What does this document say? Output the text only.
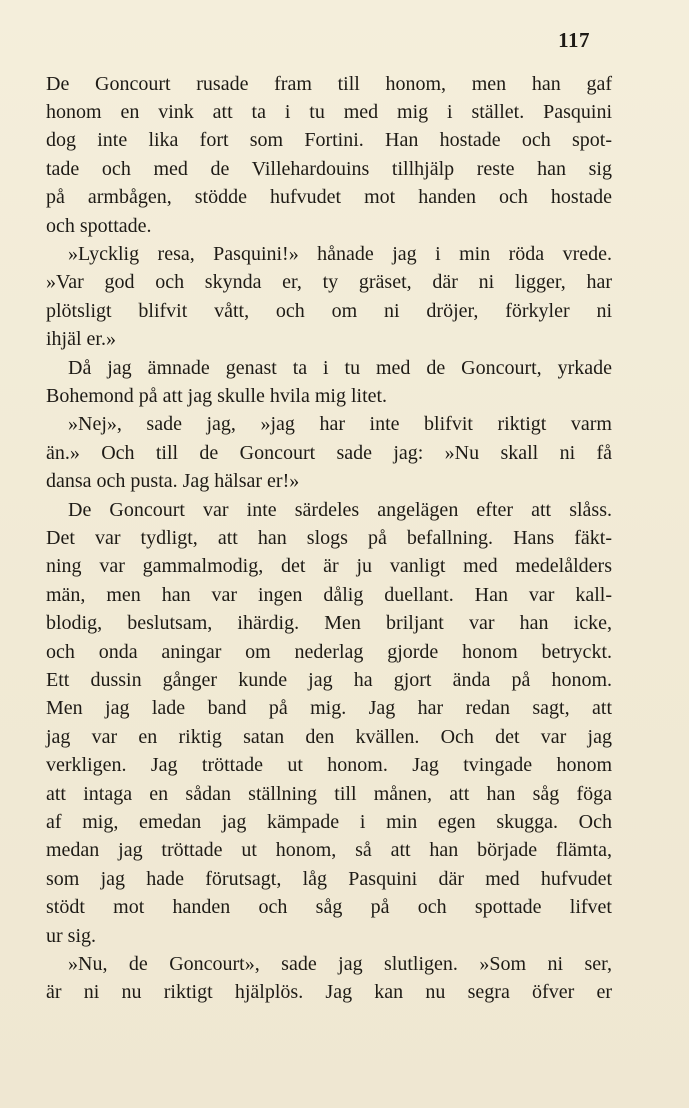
117
De Goncourt rusade fram till honom, men han gaf
honom en vink att ta i tu med mig i stället. Pasquini
dog inte lika fort som Fortini. Han hostade och spot-
tade och med de Villehardouins tillhjälp reste han sig
på armbågen, stödde hufvudet mot handen och hostade
och spottade.
»Lycklig resa, Pasquini!» hånade jag i min röda vrede.
»Var god och skynda er, ty gräset, där ni ligger, har
plötsligt blifvit vått, och om ni dröjer, förkyler ni
ihjäl er.»
Då jag ämnade genast ta i tu med de Goncourt, yrkade
Bohemond på att jag skulle hvila mig litet.
»Nej», sade jag, »jag har inte blifvit riktigt varm
än.» Och till de Goncourt sade jag: »Nu skall ni få
dansa och pusta. Jag hälsar er!»
De Goncourt var inte särdeles angelägen efter att slåss.
Det var tydligt, att han slogs på befallning. Hans fäkt-
ning var gammalmodig, det är ju vanligt med medelålders
män, men han var ingen dålig duellant. Han var kall-
blodig, beslutsam, ihärdig. Men briljant var han icke,
och onda aningar om nederlag gjorde honom betryckt.
Ett dussin gånger kunde jag ha gjort ända på honom.
Men jag lade band på mig. Jag har redan sagt, att
jag var en riktig satan den kvällen. Och det var jag
verkligen. Jag tröttade ut honom. Jag tvingade honom
att intaga en sådan ställning till månen, att han såg föga
af mig, emedan jag kämpade i min egen skugga. Och
medan jag tröttade ut honom, så att han började flämta,
som jag hade förutsagt, låg Pasquini där med hufvudet
stödt mot handen och såg på och spottade lifvet
ur sig.
»Nu, de Goncourt», sade jag slutligen. »Som ni ser,
är ni nu riktigt hjälplös. Jag kan nu segra öfver er
